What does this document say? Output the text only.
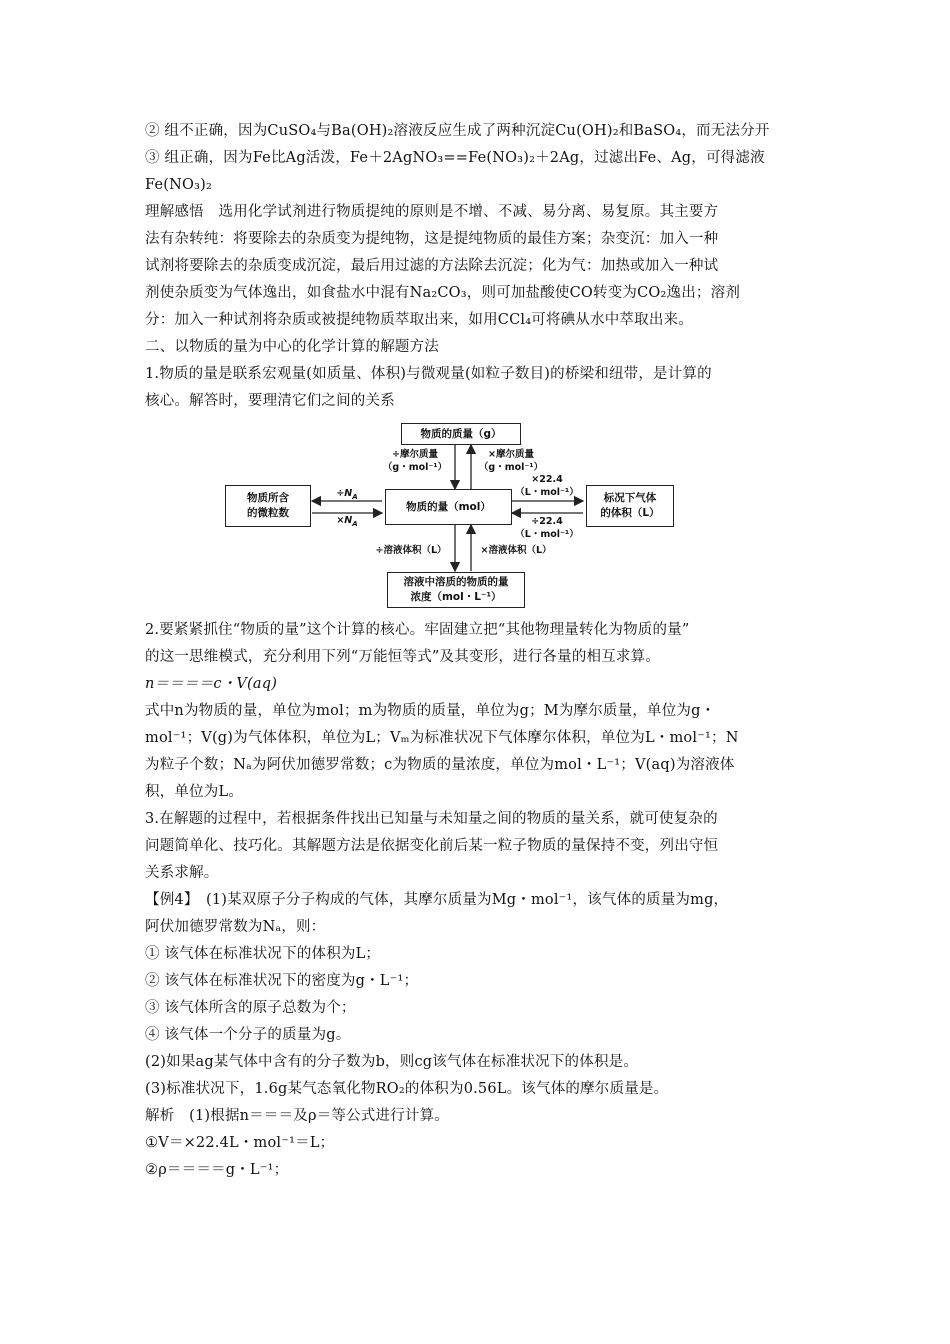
② 组不正确，因为CuSO₄与Ba(OH)₂溶液反应生成了两种沉淀Cu(OH)₂和BaSO₄，而无法分开
③ 组正确，因为Fe比Ag活泼，Fe＋2AgNO₃==Fe(NO₃)₂＋2Ag，过滤出Fe、Ag，可得滤液
Fe(NO₃)₂
理解感悟　选用化学试剂进行物质提纯的原则是不增、不减、易分离、易复原。其主要方
法有杂转纯：将要除去的杂质变为提纯物，这是提纯物质的最佳方案；杂变沉：加入一种
试剂将要除去的杂质变成沉淀，最后用过滤的方法除去沉淀；化为气：加热或加入一种试
剂使杂质变为气体逸出，如食盐水中混有Na₂CO₃，则可加盐酸使CO转变为CO₂逸出；溶剂
分：加入一种试剂将杂质或被提纯物质萃取出来，如用CCl₄可将碘从水中萃取出来。
二、以物质的量为中心的化学计算的解题方法
1.物质的量是联系宏观量(如质量、体积)与微观量(如粒子数目)的桥梁和纽带，是计算的
核心。解答时，要理清它们之间的关系
物质的质量（g）
物质的量（mol）
物质所含
的微粒数
标况下气体
的体积（L）
溶液中溶质的物质的量
浓度（mol・L⁻¹）
÷摩尔质量
（g・mol⁻¹）
×摩尔质量
（g・mol⁻¹）
$\div N_A$
$\times N_A$
×22.4
（L・mol⁻¹）
÷22.4
（L・mol⁻¹）
÷溶液体积（L）	×溶液体积（L）
2.要紧紧抓住“物质的量”这个计算的核心。牢固建立把“其他物理量转化为物质的量”
的这一思维模式，充分利用下列“万能恒等式”及其变形，进行各量的相互求算。
n＝＝＝＝c・V(aq)
式中n为物质的量，单位为mol；m为物质的质量，单位为g；M为摩尔质量，单位为g・
mol⁻¹；V(g)为气体体积，单位为L；Vₘ为标准状况下气体摩尔体积，单位为L・mol⁻¹；N
为粒子个数；Nₐ为阿伏加德罗常数；c为物质的量浓度，单位为mol・L⁻¹；V(aq)为溶液体
积，单位为L。
3.在解题的过程中，若根据条件找出已知量与未知量之间的物质的量关系，就可使复杂的
问题简单化、技巧化。其解题方法是依据变化前后某一粒子物质的量保持不变，列出守恒
关系求解。
【例4】　(1)某双原子分子构成的气体，其摩尔质量为Mg・mol⁻¹，该气体的质量为mg，
阿伏加德罗常数为Nₐ，则：
① 该气体在标准状况下的体积为L；
② 该气体在标准状况下的密度为g・L⁻¹；
③ 该气体所含的原子总数为个；
④ 该气体一个分子的质量为g。
(2)如果ag某气体中含有的分子数为b，则cg该气体在标准状况下的体积是。
(3)标准状况下，1.6g某气态氧化物RO₂的体积为0.56L。该气体的摩尔质量是。
解析　(1)根据n＝＝＝及ρ＝等公式进行计算。
①V＝×22.4L・mol⁻¹＝L；
②ρ＝＝＝＝g・L⁻¹；
